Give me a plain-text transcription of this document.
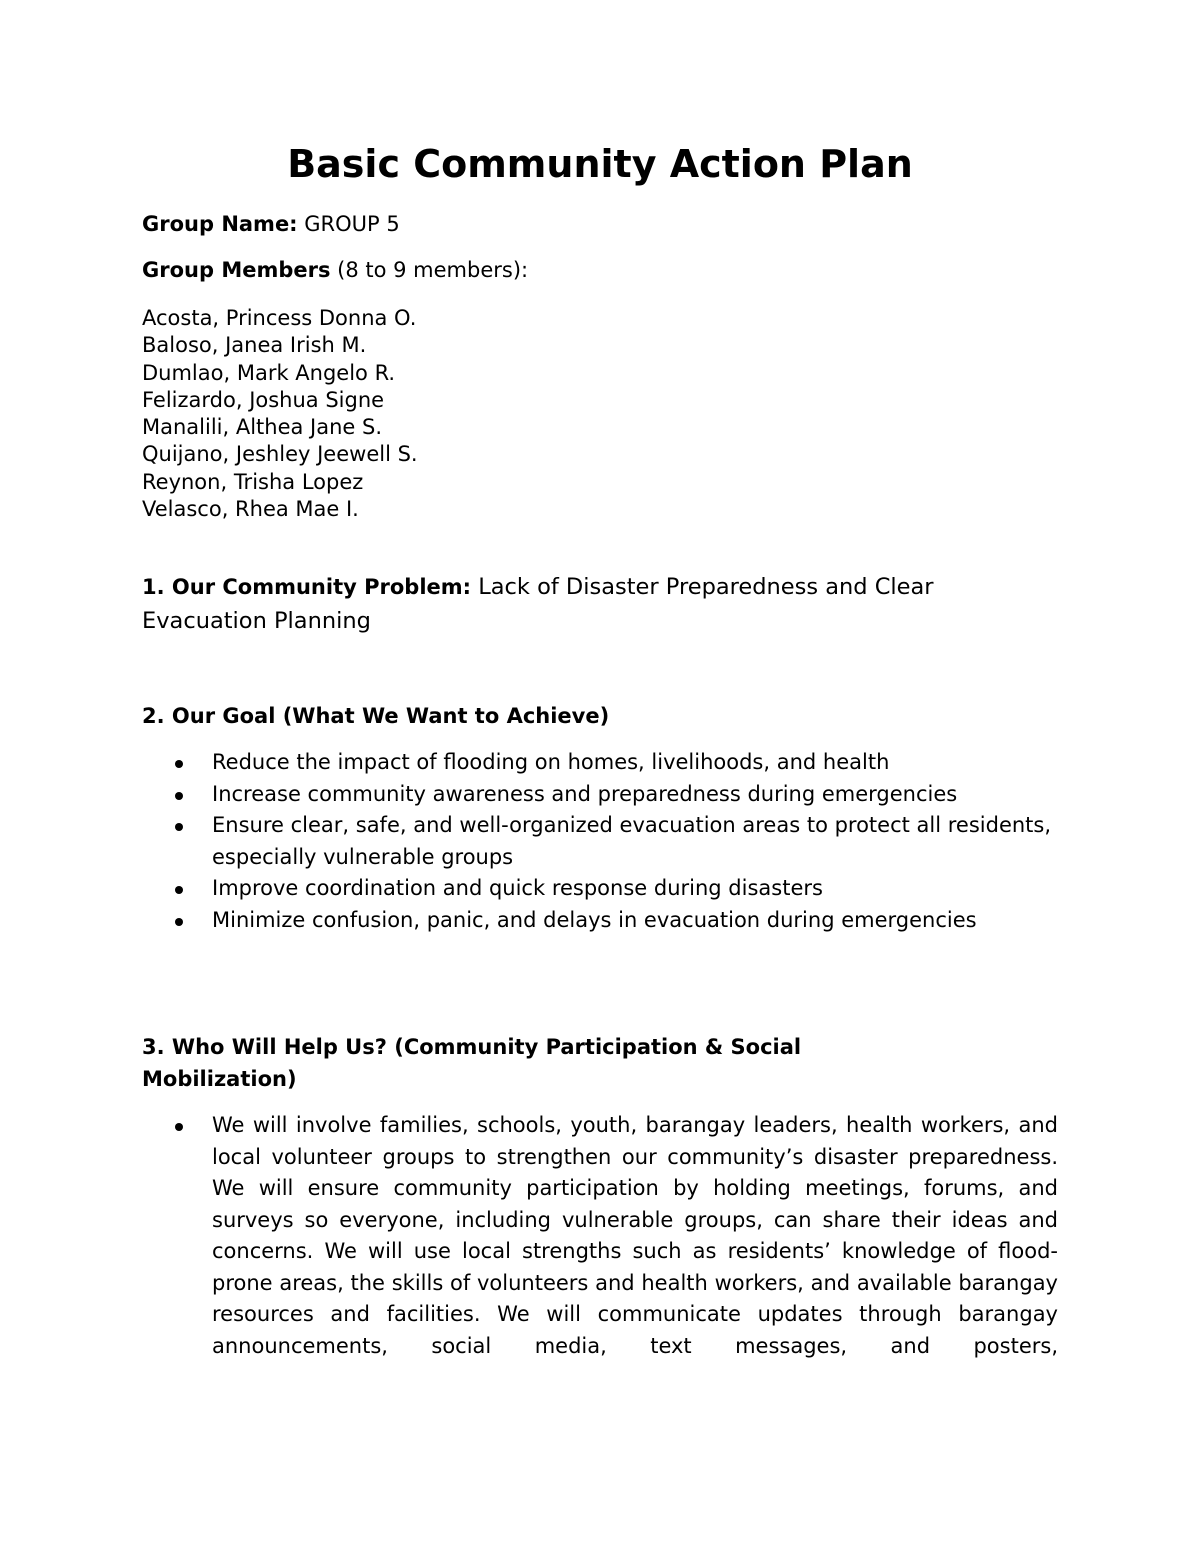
Basic Community Action Plan

Group Name: GROUP 5

Group Members (8 to 9 members):

Acosta, Princess Donna O.
Baloso, Janea Irish M.
Dumlao, Mark Angelo R.
Felizardo, Joshua Signe
Manalili, Althea Jane S.
Quijano, Jeshley Jeewell S.
Reynon, Trisha Lopez
Velasco, Rhea Mae I.

1. Our Community Problem: Lack of Disaster Preparedness and Clear Evacuation Planning

2. Our Goal (What We Want to Achieve)

Reduce the impact of flooding on homes, livelihoods, and health
Increase community awareness and preparedness during emergencies
Ensure clear, safe, and well-organized evacuation areas to protect all residents, especially vulnerable groups
Improve coordination and quick response during disasters
Minimize confusion, panic, and delays in evacuation during emergencies

3. Who Will Help Us? (Community Participation & Social Mobilization)

We will involve families, schools, youth, barangay leaders, health workers, and local volunteer groups to strengthen our community’s disaster preparedness. We will ensure community participation by holding meetings, forums, and surveys so everyone, including vulnerable groups, can share their ideas and concerns. We will use local strengths such as residents’ knowledge of flood-prone areas, the skills of volunteers and health workers, and available barangay resources and facilities. We will communicate updates through barangay announcements, social media, text messages, and posters,
